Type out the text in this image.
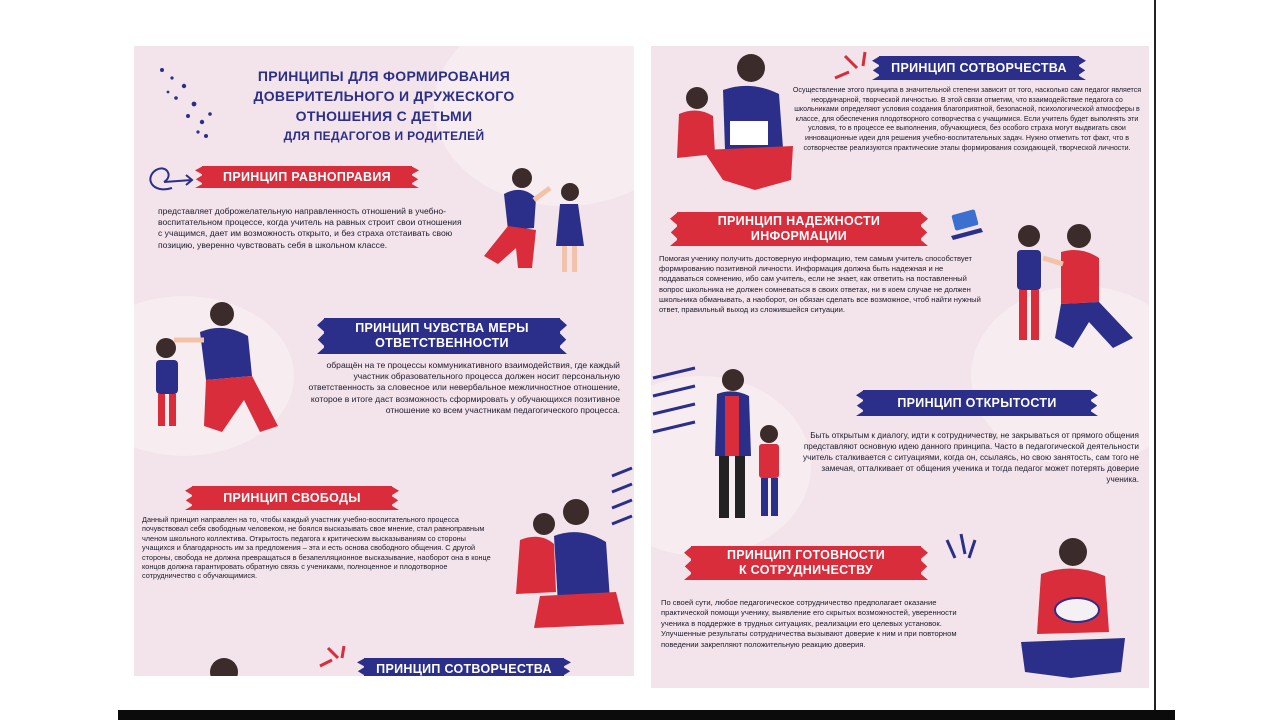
ПРИНЦИПЫ ДЛЯ ФОРМИРОВАНИЯ
ДОВЕРИТЕЛЬНОГО И ДРУЖЕСКОГО
ОТНОШЕНИЯ С ДЕТЬМИ
ДЛЯ ПЕДАГОГОВ И РОДИТЕЛЕЙ
ПРИНЦИП РАВНОПРАВИЯ
представляет доброжелательную направленность отношений в учебно-воспитательном процессе, когда учитель на равных строит свои отношения с учащимся, дает им возможность открыто, и без страха отстаивать свою позицию, уверенно чувствовать себя в школьном классе.
ПРИНЦИП ЧУВСТВА МЕРЫ
ОТВЕТСТВЕННОСТИ
обращён на те процессы коммуникативного взаимодействия, где каждый участник образовательного процесса должен носит персональную ответственность за словесное или невербальное межличностное отношение, которое в итоге даст возможность сформировать у обучающихся позитивное отношение ко всем участникам педагогического процесса.
ПРИНЦИП СВОБОДЫ
Данный принцип направлен на то, чтобы каждый участник учебно-воспитательного процесса почувствовал себя свободным человеком, не боялся высказывать свое мнение, стал равноправным членом школьного коллектива. Открытость педагога к критическим высказываниям со стороны учащихся и благодарность им за предложения – эта и есть основа свободного общения. С другой стороны, свобода не должна превращаться в безапелляционное высказывание, наоборот она в конце концов должна гарантировать обратную связь с учениками, полноценное и плодотворное сотрудничество с обучающимися.
ПРИНЦИП СОТВОРЧЕСТВА
ПРИНЦИП СОТВОРЧЕСТВА
Осуществление этого принципа в значительной степени зависит от того, насколько сам педагог является неординарной, творческой личностью. В этой связи отметим, что взаимодействие педагога со школьниками определяют условия создания благоприятной, безопасной, психологической атмосферы в классе, для обеспечения плодотворного сотворчества с учащимися. Если учитель будет выполнять эти условия, то в процессе ее выполнения, обучающиеся, без особого страха могут выдвигать свои инновационные идеи для решения учебно-воспитательных задач. Нужно отметить тот факт, что в сотворчестве реализуются практические этапы формирования созидающей, творческой личности.
ПРИНЦИП НАДЕЖНОСТИ
ИНФОРМАЦИИ
Помогая ученику получить достоверную информацию, тем самым учитель способствует формированию позитивной личности. Информация должна быть надежная и не поддаваться сомнению, ибо сам учитель, если не знает, как ответить на поставленный вопрос школьника не должен сомневаться в своих ответах, ни в коем случае не должен школьника обманывать, а наоборот, он обязан сделать все возможное, чтоб найти нужный ответ, правильный выход из сложившейся ситуации.
ПРИНЦИП ОТКРЫТОСТИ
Быть открытым к диалогу, идти к сотрудничеству, не закрываться от прямого общения представляют основную идею данного принципа. Часто в педагогической деятельности учитель сталкивается с ситуациями, когда он, ссылаясь, но свою занятость, сам того не замечая, отталкивает от общения ученика и тогда педагог может потерять доверие ученика.
ПРИНЦИП ГОТОВНОСТИ
К СОТРУДНИЧЕСТВУ
По своей сути, любое педагогическое сотрудничество предполагает оказание практической помощи ученику, выявление его скрытых возможностей, уверенности ученика в поддержке в трудных ситуациях, реализации его целевых установок. Улучшенные результаты сотрудничества вызывают доверие к ним и при повторном поведении закрепляют положительную реакцию доверия.
